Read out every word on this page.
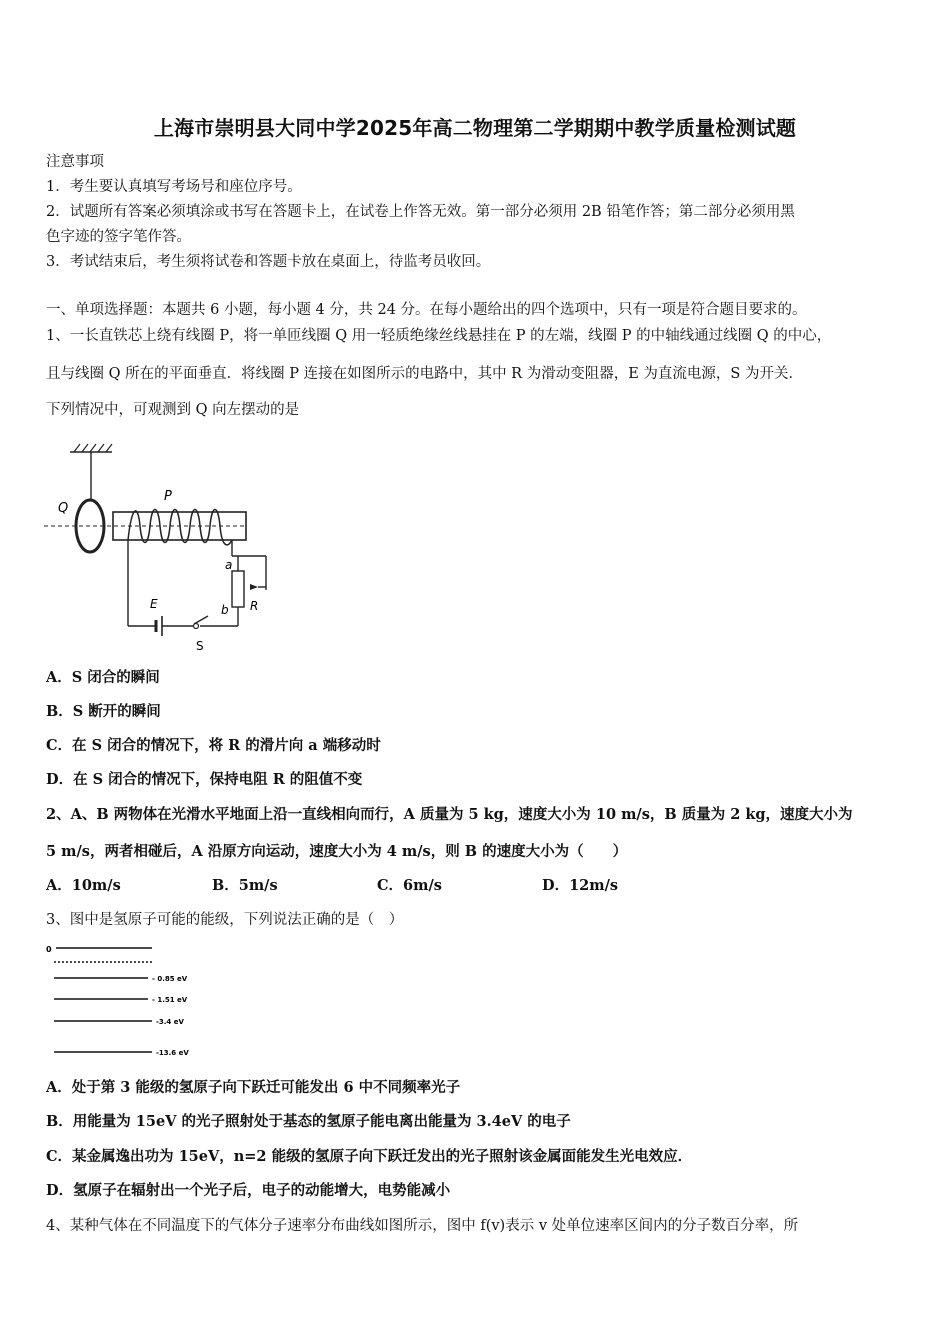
上海市崇明县大同中学2025年高二物理第二学期期中教学质量检测试题
注意事项
1．考生要认真填写考场号和座位序号。
2．试题所有答案必须填涂或书写在答题卡上，在试卷上作答无效。第一部分必须用 2B 铅笔作答；第二部分必须用黑
色字迹的签字笔作答。
3．考试结束后，考生须将试卷和答题卡放在桌面上，待监考员收回。
一、单项选择题：本题共 6 小题，每小题 4 分，共 24 分。在每小题给出的四个选项中，只有一项是符合题目要求的。
1、一长直铁芯上绕有线圈 P，将一单匝线圈 Q 用一轻质绝缘丝线悬挂在 P 的左端，线圈 P 的中轴线通过线圈 Q 的中心，
且与线圈 Q 所在的平面垂直．将线圈 P 连接在如图所示的电路中，其中 R 为滑动变阻器，E 为直流电源，S 为开关．
下列情况中，可观测到 Q 向左摆动的是
Q
P
a
b R
E
S
A．S 闭合的瞬间
B．S 断开的瞬间
C．在 S 闭合的情况下，将 R 的滑片向 a 端移动时
D．在 S 闭合的情况下，保持电阻 R 的阻值不变
2、A、B 两物体在光滑水平地面上沿一直线相向而行，A 质量为 5 kg，速度大小为 10 m/s，B 质量为 2 kg，速度大小为
5 m/s，两者相碰后，A 沿原方向运动，速度大小为 4 m/s，则 B 的速度大小为（　　）
A．10m/s	B．5m/s	C．6m/s	D．12m/s
3、图中是氢原子可能的能级，下列说法正确的是（　）
0
- 0.85 eV
- 1.51 eV
-3.4 eV
-13.6 eV
A．处于第 3 能级的氢原子向下跃迁可能发出 6 中不同频率光子
B．用能量为 15eV 的光子照射处于基态的氢原子能电离出能量为 3.4eV 的电子
C．某金属逸出功为 15eV，n=2 能级的氢原子向下跃迁发出的光子照射该金属面能发生光电效应．
D．氢原子在辐射出一个光子后，电子的动能增大，电势能减小
4、某种气体在不同温度下的气体分子速率分布曲线如图所示，图中 f(v)表示 v 处单位速率区间内的分子数百分率，所
